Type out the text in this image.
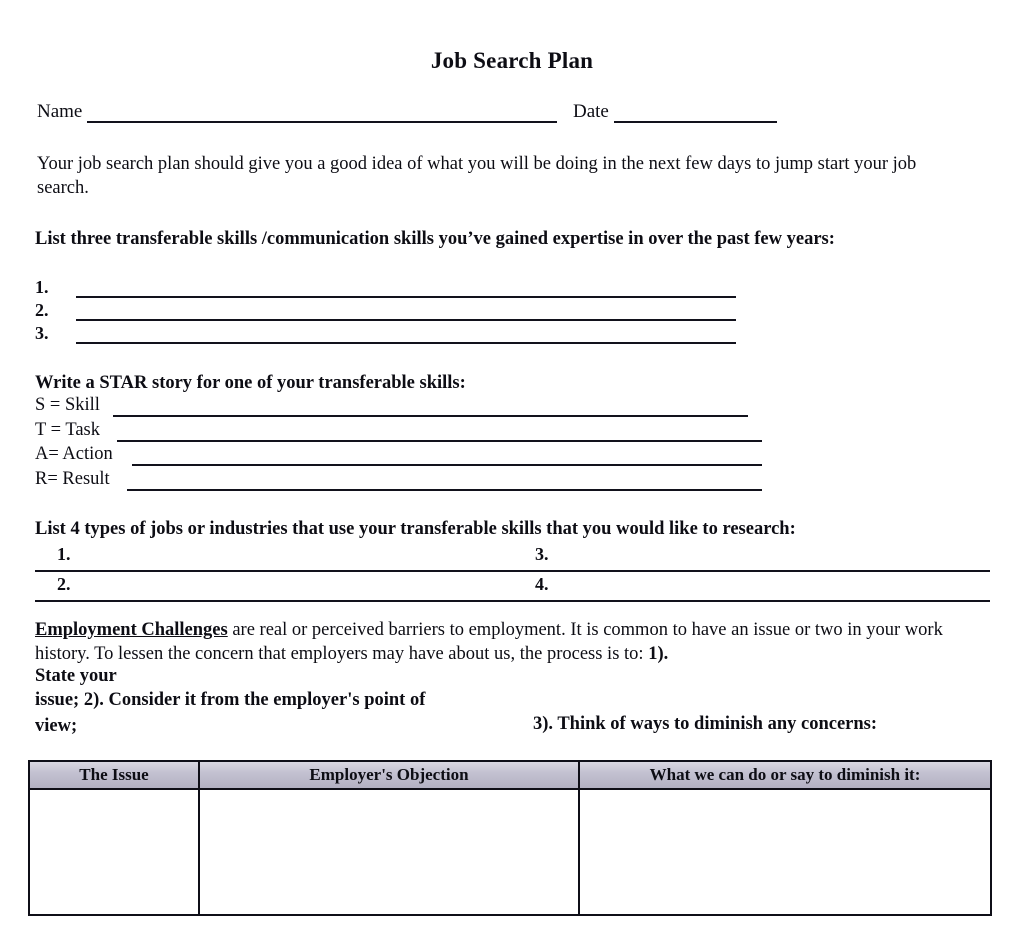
Job Search Plan
Name	Date
Your job search plan should give you a good idea of what you will be doing in the next few days to jump start your job search.
List three transferable skills /communication skills you’ve gained expertise in over the past few years:
1.
2.
3.
Write a STAR story for one of your transferable skills:
S = Skill
T = Task
A= Action
R= Result
List 4 types of jobs or industries that use your transferable skills that you would like to research:
1.	3.
2.	4.
Employment Challenges are real or perceived barriers to employment. It is common to have an issue or two in your work history. To lessen the concern that employers may have about us, the process is to: 1).
State your
issue; 2). Consider it from the employer's point of
view;	3). Think of ways to diminish any concerns:
The Issue	Employer's Objection	What we can do or say to diminish it:
